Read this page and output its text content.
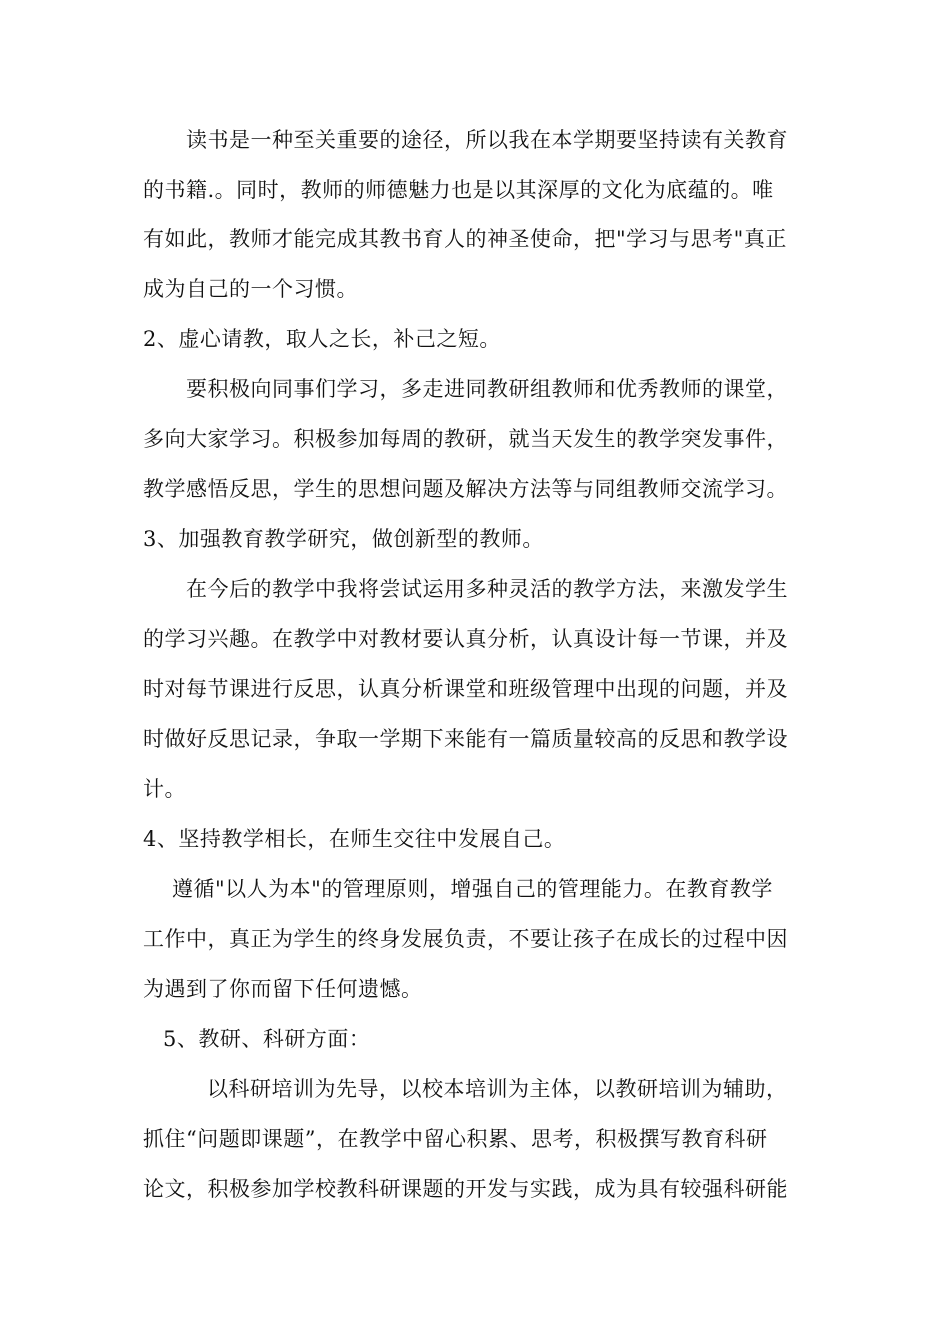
读书是一种至关重要的途径，所以我在本学期要坚持读有关教育
的书籍.。同时，教师的师德魅力也是以其深厚的文化为底蕴的。唯
有如此，教师才能完成其教书育人的神圣使命，把"学习与思考"真正
成为自己的一个习惯。
2、虚心请教，取人之长，补己之短。
要积极向同事们学习，多走进同教研组教师和优秀教师的课堂，
多向大家学习。积极参加每周的教研，就当天发生的教学突发事件，
教学感悟反思，学生的思想问题及解决方法等与同组教师交流学习。
3、加强教育教学研究，做创新型的教师。
在今后的教学中我将尝试运用多种灵活的教学方法，来激发学生
的学习兴趣。在教学中对教材要认真分析，认真设计每一节课，并及
时对每节课进行反思，认真分析课堂和班级管理中出现的问题，并及
时做好反思记录，争取一学期下来能有一篇质量较高的反思和教学设
计。
4、坚持教学相长，在师生交往中发展自己。
遵循"以人为本"的管理原则，增强自己的管理能力。在教育教学
工作中，真正为学生的终身发展负责，不要让孩子在成长的过程中因
为遇到了你而留下任何遗憾。
5、教研、科研方面：
以科研培训为先导，以校本培训为主体，以教研培训为辅助，
抓住“问题即课题”，在教学中留心积累、思考，积极撰写教育科研
论文，积极参加学校教科研课题的开发与实践，成为具有较强科研能
